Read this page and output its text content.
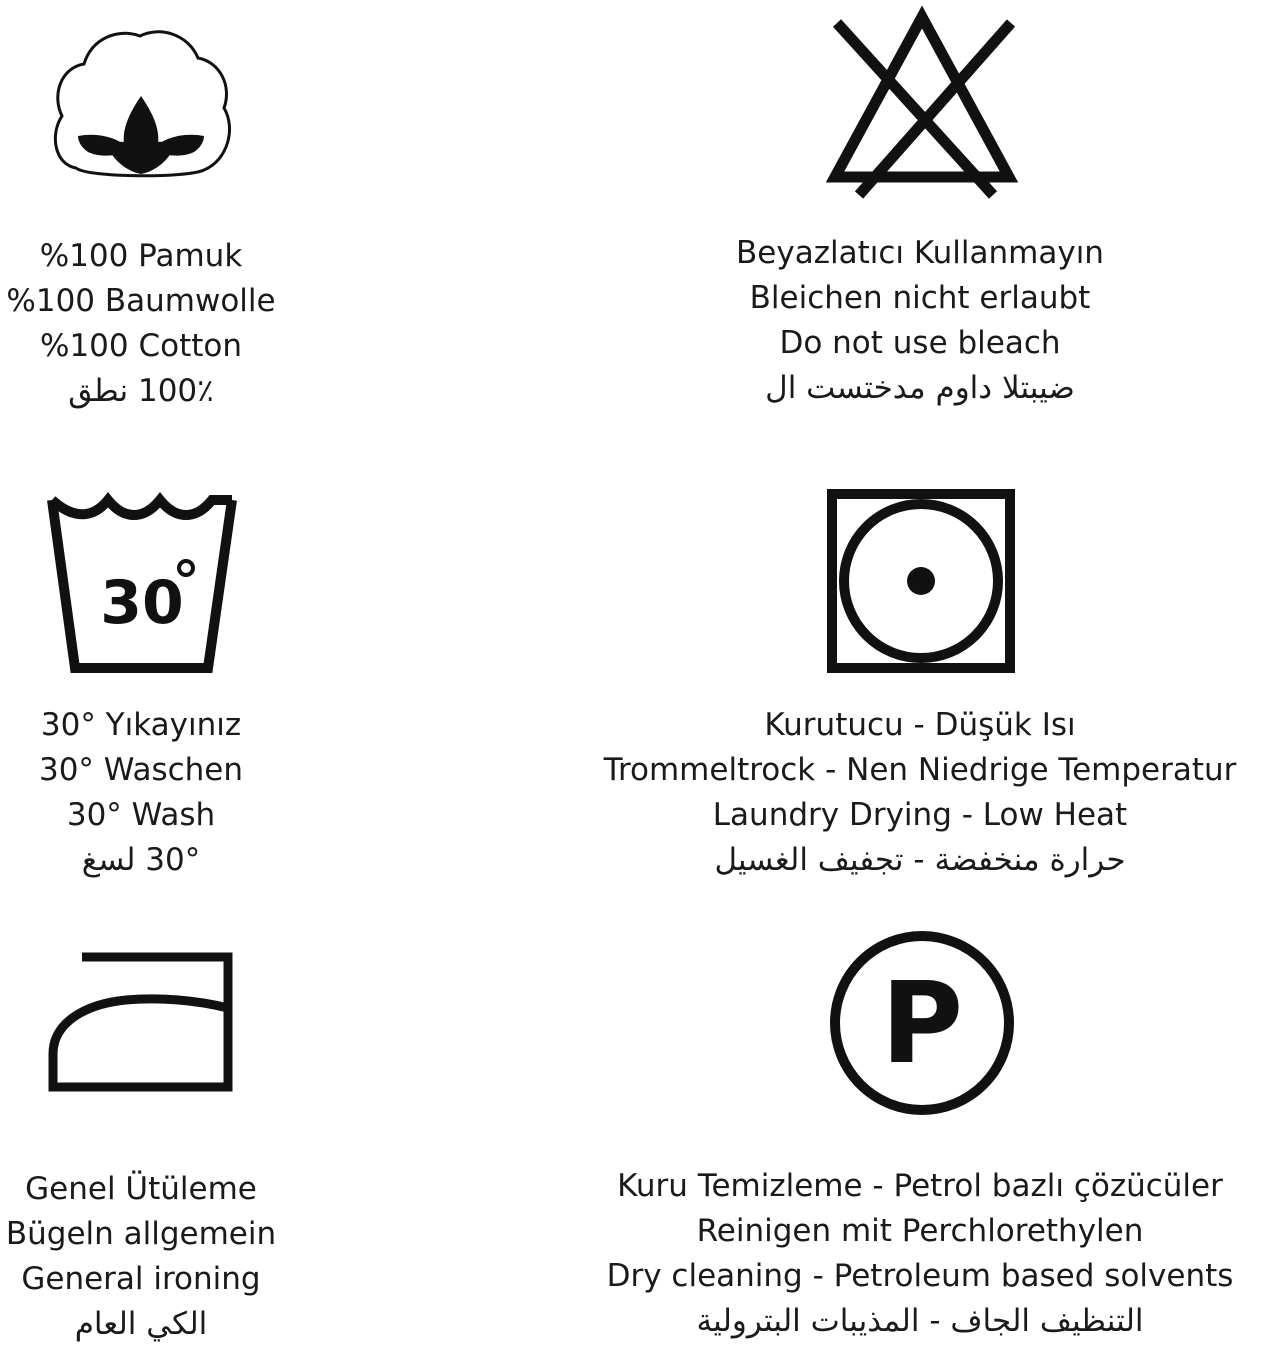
30
P
%100 Pamuk
%100 Baumwolle
%100 Cotton
100٪ نطق
Beyazlatıcı Kullanmayın
Bleichen nicht erlaubt
Do not use bleach
ضيبتلا داوم مدختست ال
30° Yıkayınız
30° Waschen
30° Wash
30° لسغ
Kurutucu - Düşük Isı
Trommeltrock - Nen Niedrige Temperatur
Laundry Drying - Low Heat
حرارة منخفضة - تجفيف الغسيل
Genel Ütüleme
Bügeln allgemein
General ironing
الكي العام
Kuru Temizleme - Petrol bazlı çözücüler
Reinigen mit Perchlorethylen
Dry cleaning - Petroleum based solvents
التنظيف الجاف - المذيبات البترولية
